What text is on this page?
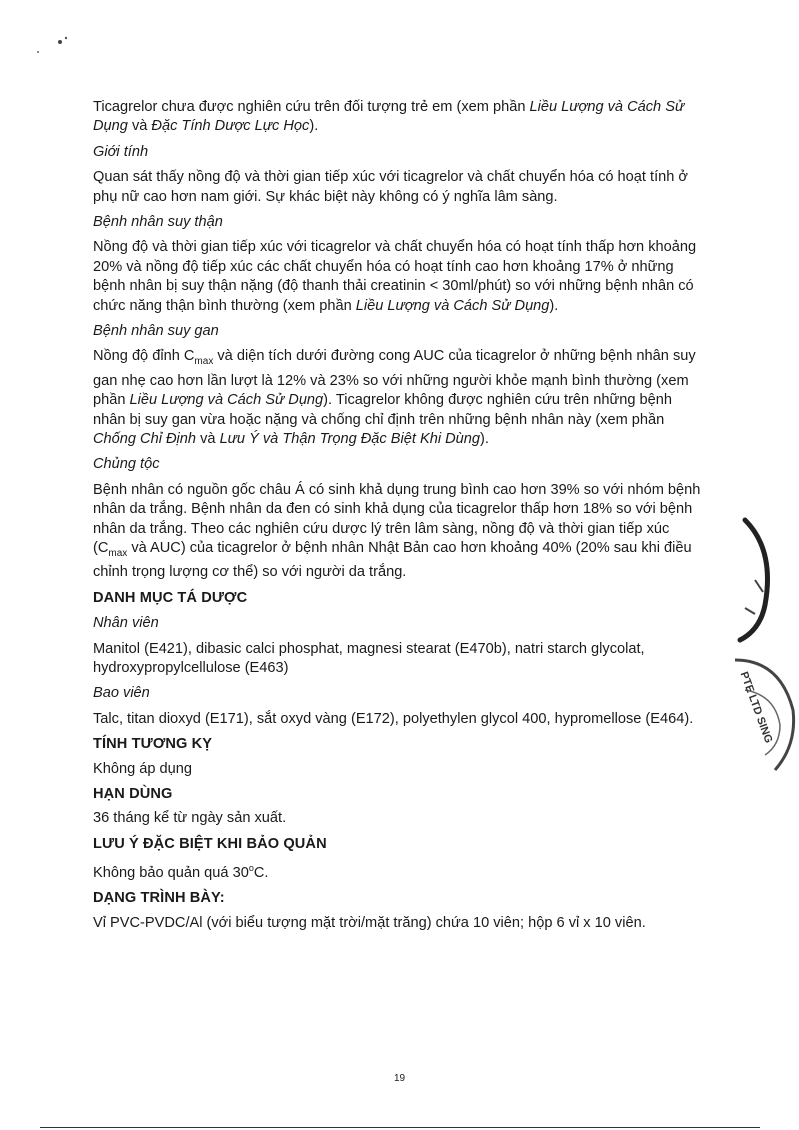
Ticagrelor chưa được nghiên cứu trên đối tượng trẻ em (xem phần Liều Lượng và Cách Sử Dụng và Đặc Tính Dược Lực Học).

Giới tính

Quan sát thấy nồng độ và thời gian tiếp xúc với ticagrelor và chất chuyển hóa có hoạt tính ở phụ nữ cao hơn nam giới. Sự khác biệt này không có ý nghĩa lâm sàng.

Bệnh nhân suy thận

Nồng độ và thời gian tiếp xúc với ticagrelor và chất chuyển hóa có hoạt tính thấp hơn khoảng 20% và nồng độ tiếp xúc các chất chuyển hóa có hoạt tính cao hơn khoảng 17% ở những bệnh nhân bị suy thận nặng (độ thanh thải creatinin < 30ml/phút) so với những bệnh nhân có chức năng thận bình thường (xem phần Liều Lượng và Cách Sử Dụng).

Bệnh nhân suy gan

Nồng độ đỉnh $C_{max}$ và diện tích dưới đường cong AUC của ticagrelor ở những bệnh nhân suy gan nhẹ cao hơn lần lượt là 12% và 23% so với những người khỏe mạnh bình thường (xem phần Liều Lượng và Cách Sử Dụng). Ticagrelor không được nghiên cứu trên những bệnh nhân bị suy gan vừa hoặc nặng và chống chỉ định trên những bệnh nhân này (xem phần Chống Chỉ Định và Lưu Ý và Thận Trọng Đặc Biệt Khi Dùng).

Chủng tộc

Bệnh nhân có nguồn gốc châu Á có sinh khả dụng trung bình cao hơn 39% so với nhóm bệnh nhân da trắng. Bệnh nhân da đen có sinh khả dụng của ticagrelor thấp hơn 18% so với bệnh nhân da trắng. Theo các nghiên cứu dược lý trên lâm sàng, nồng độ và thời gian tiếp xúc ($C_{max}$ và AUC) của ticagrelor ở bệnh nhân Nhật Bản cao hơn khoảng 40% (20% sau khi điều chỉnh trọng lượng cơ thể) so với người da trắng.

DANH MỤC TÁ DƯỢC

Nhân viên

Manitol (E421), dibasic calci phosphat, magnesi stearat (E470b), natri starch glycolat, hydroxypropylcellulose (E463)

Bao viên

Talc, titan dioxyd (E171), sắt oxyd vàng (E172), polyethylen glycol 400, hypromellose (E464).

TÍNH TƯƠNG KỴ

Không áp dụng

HẠN DÙNG

36 tháng kể từ ngày sản xuất.

LƯU Ý ĐẶC BIỆT KHI BẢO QUẢN

Không bảo quản quá 30$^o$C.

DẠNG TRÌNH BÀY:

Vỉ PVC-PVDC/Al (với biểu tượng mặt trời/mặt trăng) chứa 10 viên; hộp 6 vỉ x 10 viên.

PTE LTD SING
19
